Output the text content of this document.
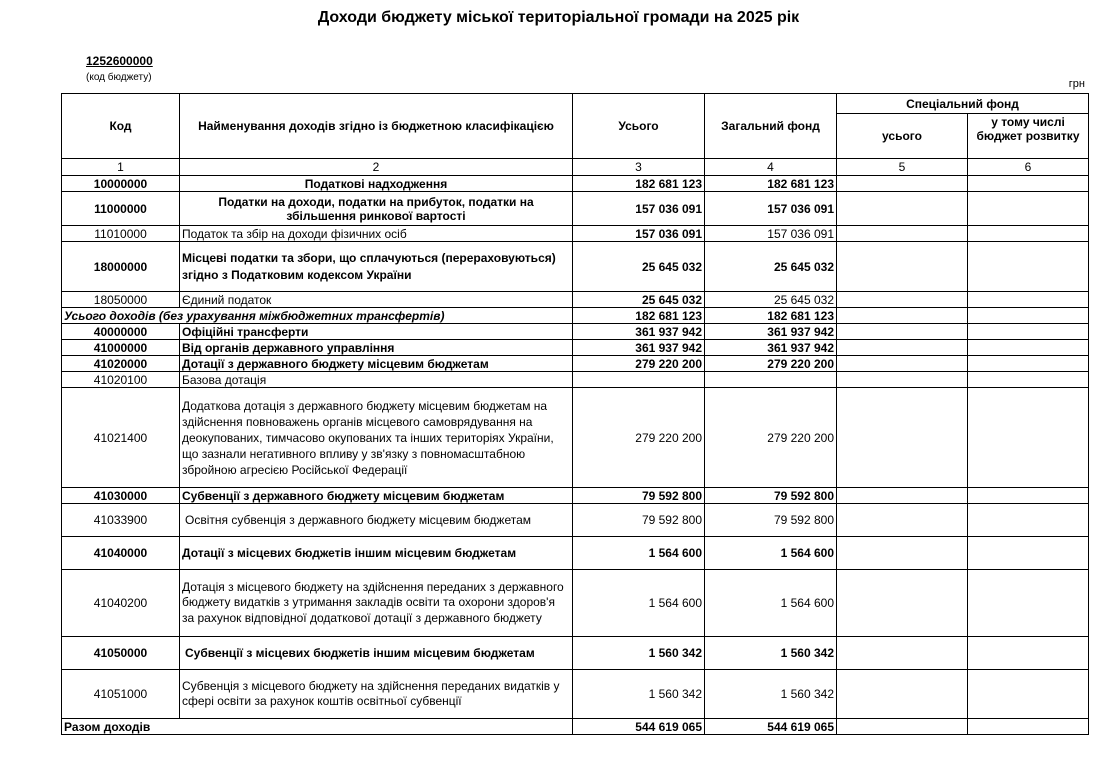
Доходи бюджету міської територіальної громади на 2025 рік
1252600000
(код бюджету)
грн
Код	Найменування доходів згідно із бюджетною класифікацією	Усього	Загальний фонд	Спеціальний фонд	
				усього	у тому числі бюджет розвитку

1	2	3	4	5	6
10000000	Податкові надходження	182 681 123	182 681 123		
11000000	Податки на доходи, податки на прибуток, податки на збільшення ринкової вартості	157 036 091	157 036 091		
11010000	Податок та збір на доходи фізичних осіб	157 036 091	157 036 091		
18000000	Місцеві податки та збори, що сплачуються (перераховуються) згідно з Податковим кодексом України	25 645 032	25 645 032		
18050000	Єдиний податок	25 645 032	25 645 032		
Усього доходів (без урахування міжбюджетних трансфертів)		182 681 123	182 681 123		
40000000	Офіційні трансферти	361 937 942	361 937 942		
41000000	Від органів державного управління	361 937 942	361 937 942		
41020000	Дотації з державного бюджету місцевим бюджетам	279 220 200	279 220 200		
41020100	Базова дотація				
41021400	Додаткова дотація з державного бюджету місцевим бюджетам на здійснення повноважень органів місцевого самоврядування на деокупованих, тимчасово окупованих та інших територіях України, що зазнали негативного впливу у зв'язку з повномасштабною збройною агресією Російської Федерації	279 220 200	279 220 200		
41030000	Субвенції з державного бюджету місцевим бюджетам	79 592 800	79 592 800		
41033900	Освітня субвенція з державного бюджету місцевим бюджетам	79 592 800	79 592 800		
41040000	Дотації з місцевих бюджетів іншим місцевим бюджетам	1 564 600	1 564 600		
41040200	Дотація з місцевого бюджету на здійснення переданих з державного бюджету видатків з утримання закладів освіти та охорони здоров'я за рахунок відповідної додаткової дотації з державного бюджету	1 564 600	1 564 600		
41050000	Субвенції з місцевих бюджетів іншим місцевим бюджетам	1 560 342	1 560 342		
41051000	Субвенція з місцевого бюджету на здійснення переданих видатків у сфері освіти за рахунок коштів освітньої субвенції	1 560 342	1 560 342		
Разом доходів		544 619 065	544 619 065		
